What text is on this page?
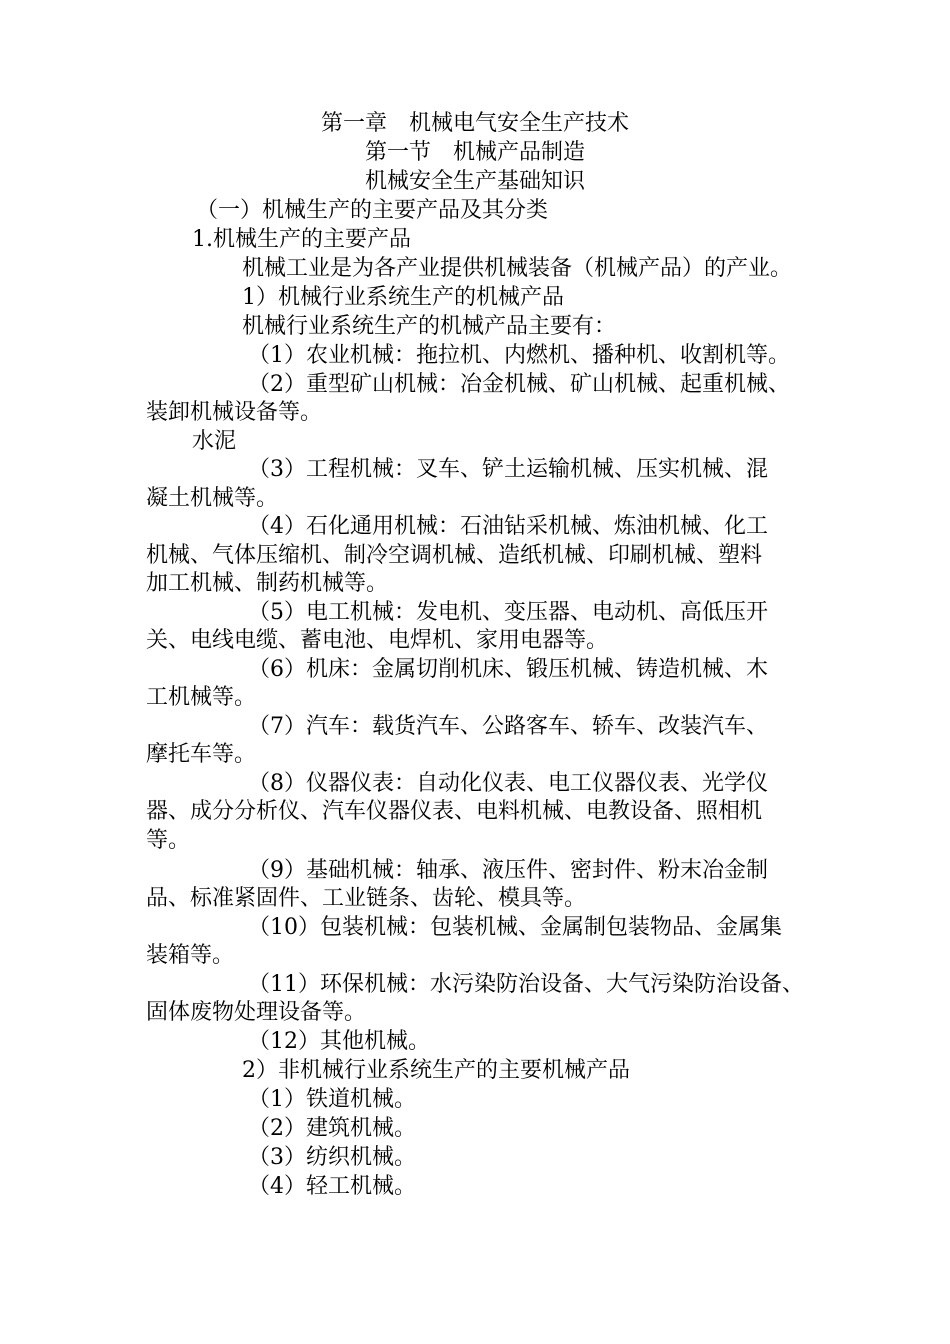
第一章　机械电气安全生产技术
第一节　机械产品制造
机械安全生产基础知识
（一）机械生产的主要产品及其分类
1.机械生产的主要产品
机械工业是为各产业提供机械装备（机械产品）的产业。
1）机械行业系统生产的机械产品
机械行业系统生产的机械产品主要有：
（1）农业机械：拖拉机、内燃机、播种机、收割机等。
（2）重型矿山机械：冶金机械、矿山机械、起重机械、
装卸机械设备等。
水泥
（3）工程机械：叉车、铲土运输机械、压实机械、混
凝土机械等。
（4）石化通用机械：石油钻采机械、炼油机械、化工
机械、气体压缩机、制冷空调机械、造纸机械、印刷机械、塑料
加工机械、制药机械等。
（5）电工机械：发电机、变压器、电动机、高低压开
关、电线电缆、蓄电池、电焊机、家用电器等。
（6）机床：金属切削机床、锻压机械、铸造机械、木
工机械等。
（7）汽车：载货汽车、公路客车、轿车、改装汽车、
摩托车等。
（8）仪器仪表：自动化仪表、电工仪器仪表、光学仪
器、成分分析仪、汽车仪器仪表、电料机械、电教设备、照相机
等。
（9）基础机械：轴承、液压件、密封件、粉末冶金制
品、标准紧固件、工业链条、齿轮、模具等。
（10）包装机械：包装机械、金属制包装物品、金属集
装箱等。
（11）环保机械：水污染防治设备、大气污染防治设备、
固体废物处理设备等。
（12）其他机械。
2）非机械行业系统生产的主要机械产品
（1）铁道机械。
（2）建筑机械。
（3）纺织机械。
（4）轻工机械。
